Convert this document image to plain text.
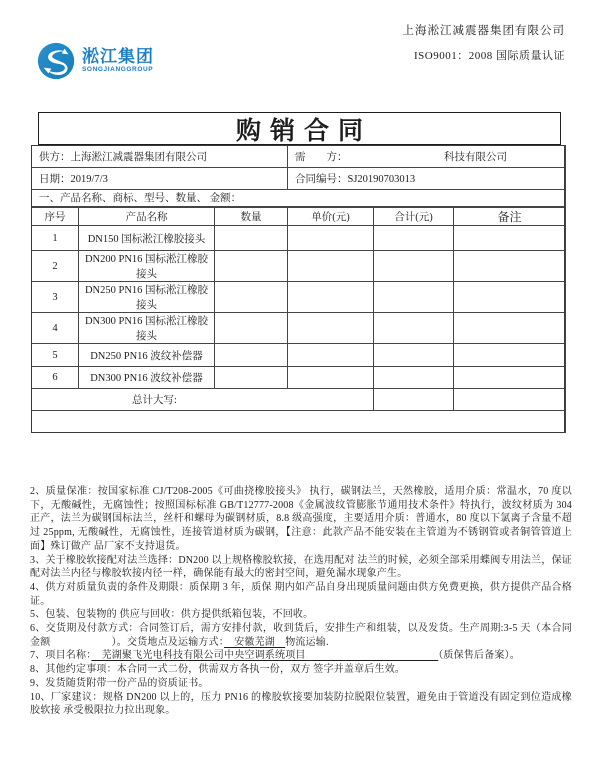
淞江集团
SONGJIANGGROUP
上海淞江减震器集团有限公司
ISO9001：2008 国际质量认证
购销合同
供方：上海淞江减震器集团有限公司	需　　方： 科技有限公司

日期：2019/7/3	合同编号：SJ20190703013
一、产品名称、商标、型号、数量、 金额：
序号	产品名称	数量	单价(元)	合计(元)	备注
1	DN150 国标淞江橡胶接头				
2	DN200 PN16 国标淞江橡胶接头				
3	DN250 PN16 国标淞江橡胶接头				
4	DN300 PN16 国标淞江橡胶接头				
5	DN250 PN16 波纹补偿器				
6	DN300 PN16 波纹补偿器				
总计大写:					

2、质量保准：按国家标准 CJ/T208-2005《可曲挠橡胶接头》 执行，碳钢法兰，天然橡胶，适用介质：常温水，70 度以下，无酸碱性，无腐蚀性；按照国标标准 GB/T12777-2008《金属波纹管膨胀节通用技术条件》特执行，波纹材质为 304 正产，法兰为碳钢国标法兰，丝杆和螺母为碳钢材质，8.8 级高强度，主要适用介质：普通水，80 度以下氯离子含量不超过 25ppm, 无酸碱性，无腐蚀性，连接管道材质为碳钢，【注意：此款产品不能安装在主管道为不锈钢管或者铜管管道上面】殊订做产 品厂家不支持退货。

3、关于橡胶软接配对法兰选择：DN200 以上规格橡胶软接，在选用配对 法兰的时候，必须全部采用蝶阀专用法兰，保证配对法兰内径与橡胶软接内径一样，确保能有最大的密封空间，避免漏水现象产生。

4、供方对质量负责的条件及期限：质保期 3 年，质保 期内如产品自身出现质量问题由供方免费更换，供方提供产品合格证。

5、包装、包装物的 供应与回收：供方提供纸箱包装，不回收。

6、交货期及付款方式：合同签订后，需方安排付款，收到货后，安排生产和组装，以及发货。生产周期:3-5 天（本合同金额　　　　　　）。交货地点及运输方式：　安徽芜湖　物流运输.

7、项目名称：　芜湖聚飞光电科技有限公司中央空调系统项目　　　　　　　　　　　　　（质保售后备案）。

8、其他约定事项：本合同一式二份，供需双方各执一份，双方 签字并盖章后生效。

9、发货随货附带一份产品的资质证书。

10、厂家建议：规格 DN200 以上的，压力 PN16 的橡胶软接要加装防拉脱限位装置，避免由于管道没有固定到位造成橡胶软接 承受极限拉力拉出现象。
